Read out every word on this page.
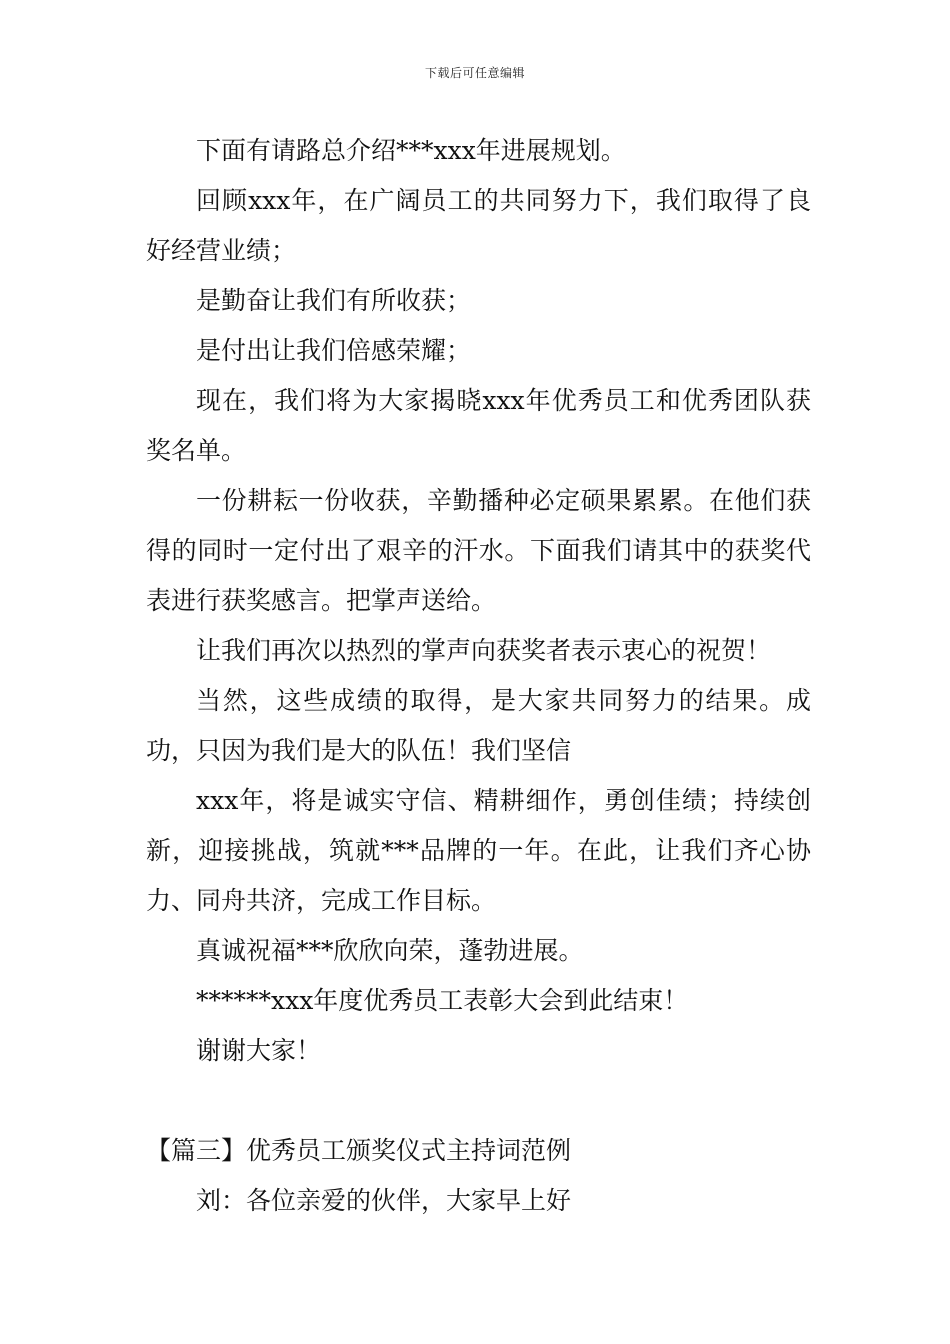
下载后可任意编辑

下面有请路总介绍***xxx年进展规划。

回顾xxx年，在广阔员工的共同努力下，我们取得了良好经营业绩；

是勤奋让我们有所收获；

是付出让我们倍感荣耀；

现在，我们将为大家揭晓xxx年优秀员工和优秀团队获奖名单。

一份耕耘一份收获，辛勤播种必定硕果累累。在他们获得的同时一定付出了艰辛的汗水。下面我们请其中的获奖代表进行获奖感言。把掌声送给。

让我们再次以热烈的掌声向获奖者表示衷心的祝贺！

当然，这些成绩的取得，是大家共同努力的结果。成功，只因为我们是大的队伍！我们坚信

xxx年，将是诚实守信、精耕细作，勇创佳绩；持续创新，迎接挑战，筑就***品牌的一年。在此，让我们齐心协力、同舟共济，完成工作目标。

真诚祝福***欣欣向荣，蓬勃进展。

******xxx年度优秀员工表彰大会到此结束！

谢谢大家！

【篇三】优秀员工颁奖仪式主持词范例

刘：各位亲爱的伙伴，大家早上好
